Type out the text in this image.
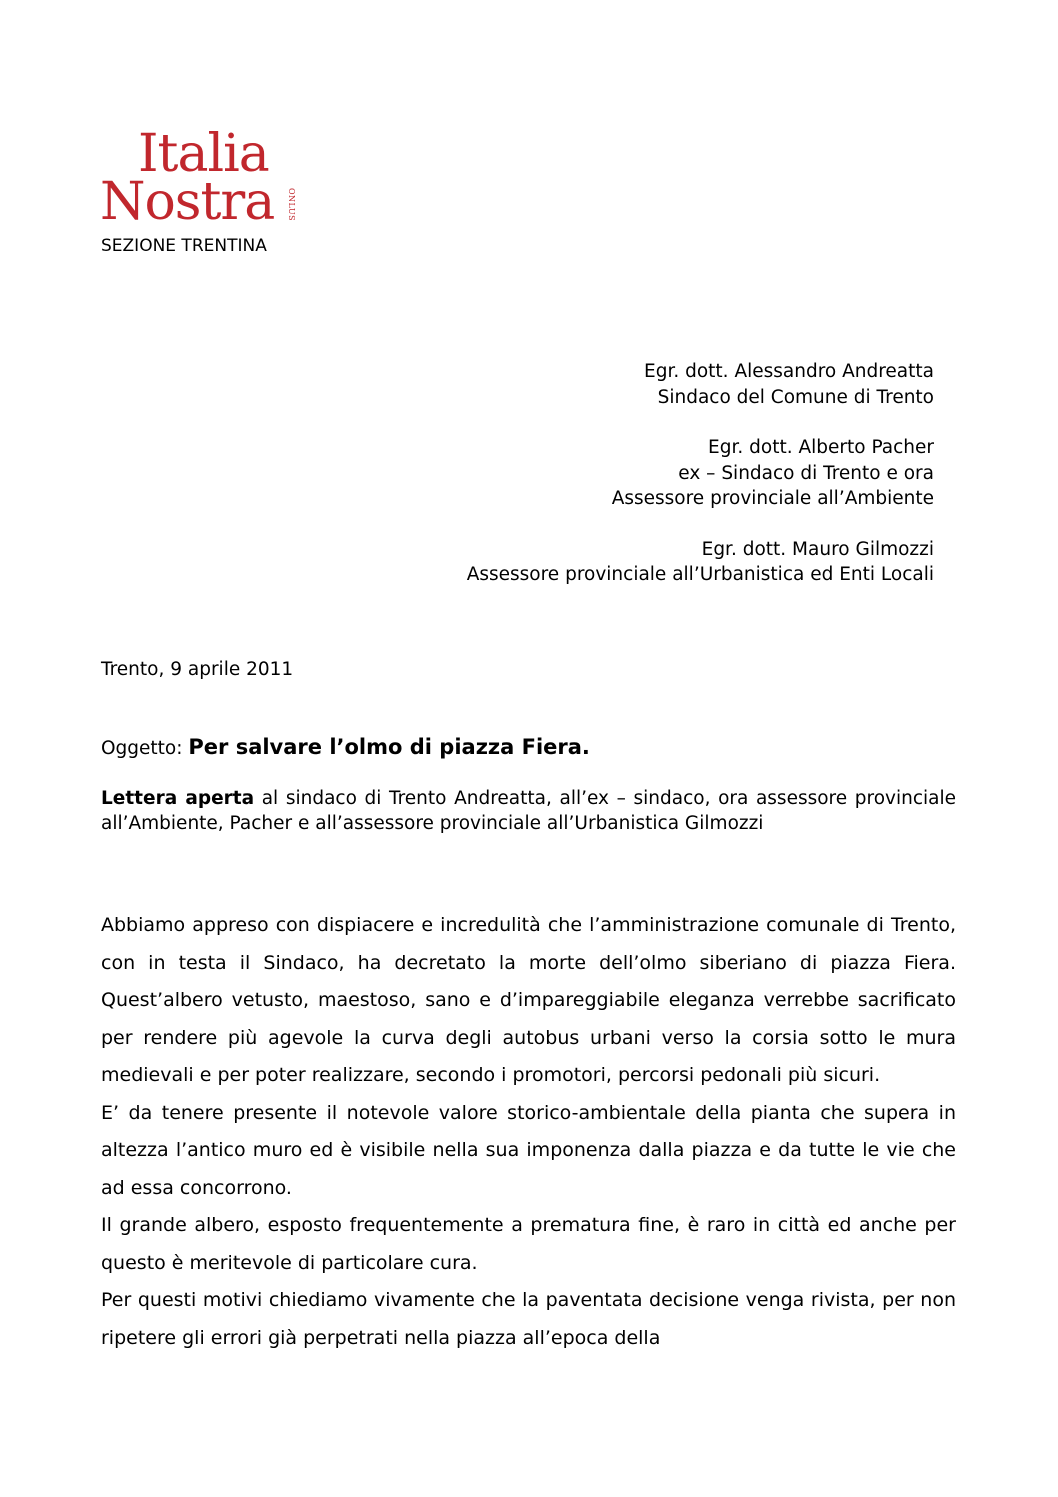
Italia
Nostra ONLUS
SEZIONE TRENTINA
Egr. dott. Alessandro Andreatta
Sindaco del Comune di Trento
Egr. dott. Alberto Pacher
ex – Sindaco di Trento e ora
Assessore provinciale all’Ambiente
Egr. dott. Mauro Gilmozzi
Assessore provinciale all’Urbanistica ed Enti Locali
Trento, 9 aprile 2011
Oggetto: Per salvare l’olmo di piazza Fiera.
Lettera aperta al sindaco di Trento Andreatta, all’ex – sindaco, ora assessore provinciale all’Ambiente, Pacher e all’assessore provinciale all’Urbanistica Gilmozzi

Abbiamo appreso con dispiacere e incredulità che l’amministrazione comunale di Trento, con in testa il Sindaco, ha decretato la morte dell’olmo siberiano di piazza Fiera. Quest’albero vetusto, maestoso, sano e d’impareggiabile eleganza verrebbe sacrificato per rendere più agevole la curva degli autobus urbani verso la corsia sotto le mura medievali e per poter realizzare, secondo i promotori, percorsi pedonali più sicuri.

E’ da tenere presente il notevole valore storico-ambientale della pianta che supera in altezza l’antico muro ed è visibile nella sua imponenza dalla piazza e da tutte le vie che ad essa concorrono.

Il grande albero, esposto frequentemente a prematura fine, è raro in città ed anche per questo è meritevole di particolare cura.

Per questi motivi chiediamo vivamente che la paventata decisione venga rivista, per non ripetere gli errori già perpetrati nella piazza all’epoca della
